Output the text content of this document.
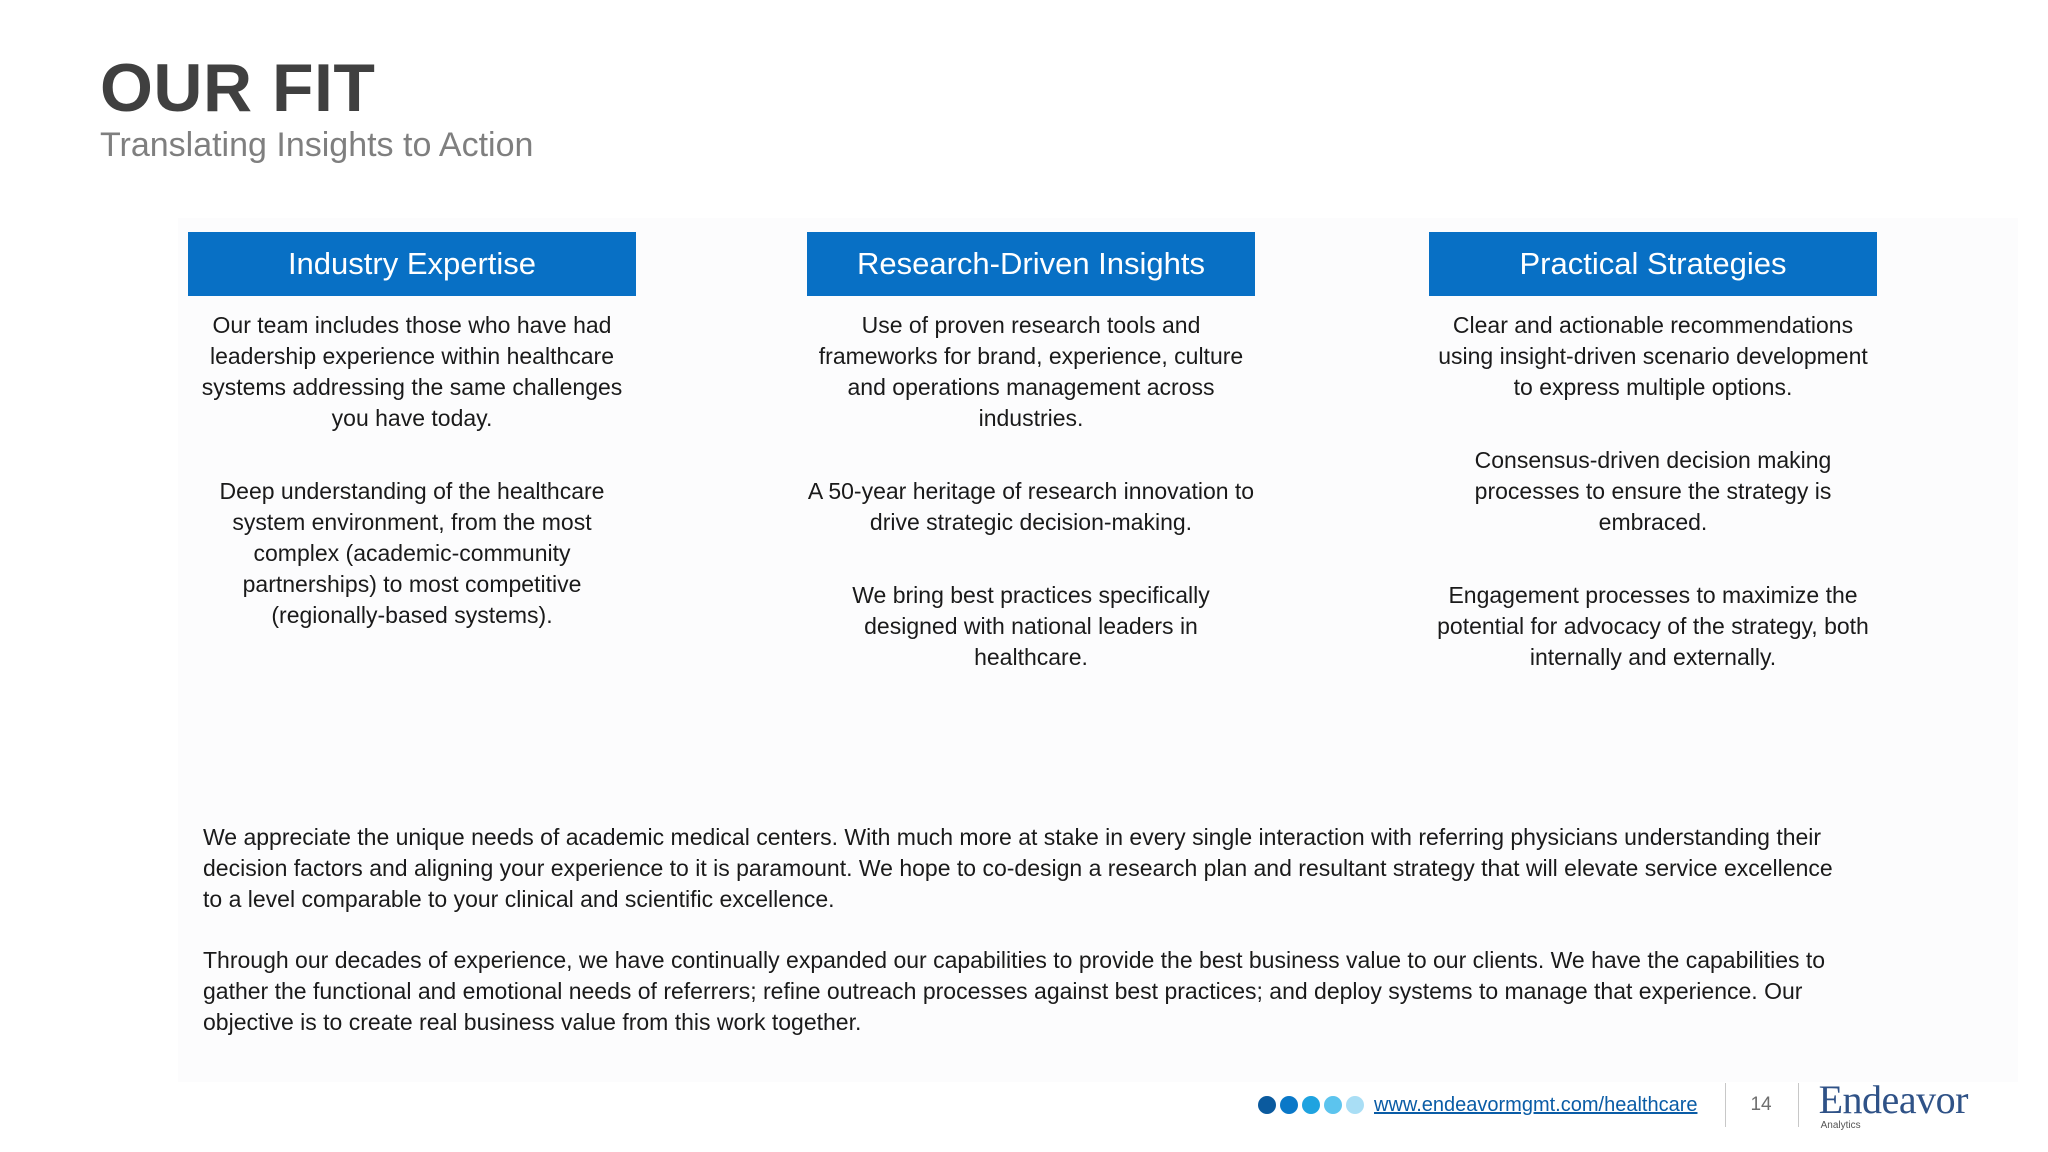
OUR FIT
Translating Insights to Action
Industry Expertise

Our team includes those who have had leadership experience within healthcare systems addressing the same challenges you have today.

Deep understanding of the healthcare system environment, from the most complex (academic-community partnerships) to most competitive (regionally-based systems).

Research-Driven Insights

Use of proven research tools and frameworks for brand, experience, culture and operations management across industries.

A 50-year heritage of research innovation to drive strategic decision-making.

We bring best practices specifically designed with national leaders in healthcare.

Practical Strategies

Clear and actionable recommendations using insight-driven scenario development to express multiple options.

Consensus-driven decision making processes to ensure the strategy is embraced.

Engagement processes to maximize the potential for advocacy of the strategy, both internally and externally.

We appreciate the unique needs of academic medical centers. With much more at stake in every single interaction with referring physicians understanding their decision factors and aligning your experience to it is paramount. We hope to co-design a research plan and resultant strategy that will elevate service excellence to a level comparable to your clinical and scientific excellence.

Through our decades of experience, we have continually expanded our capabilities to provide the best business value to our clients. We have the capabilities to gather the functional and emotional needs of referrers; refine outreach processes against best practices; and deploy systems to manage that experience. Our objective is to create real business value from this work together.

www.endeavormgmt.com/healthcare	14 Endeavor
Analytics
